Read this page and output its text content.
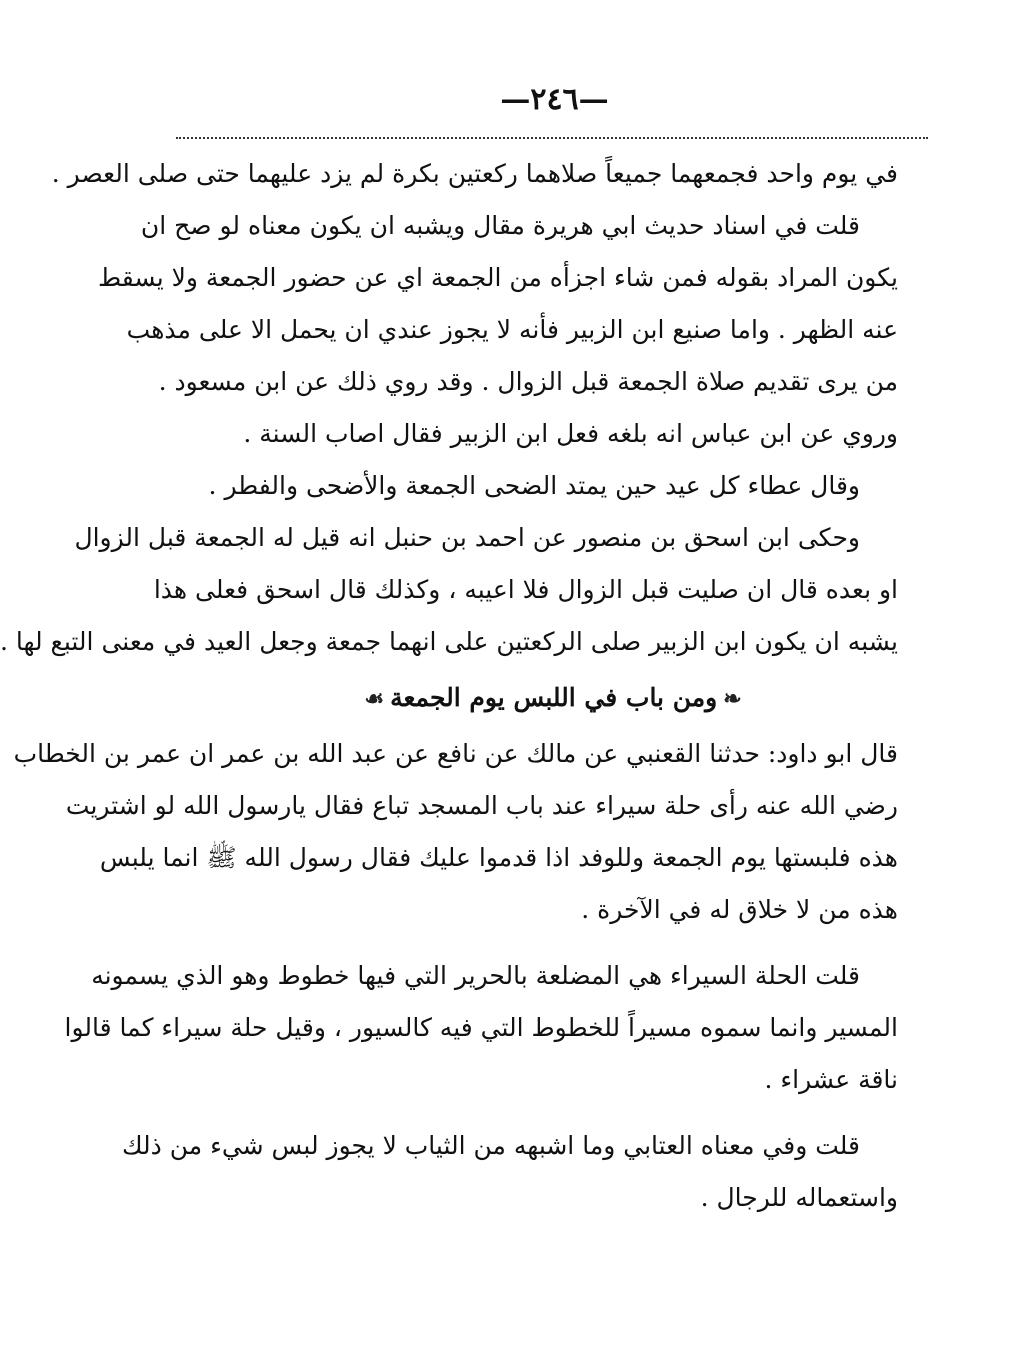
—٢٤٦—
في يوم واحد فجمعهما جميعاً صلاهما ركعتين بكرة لم يزد عليهما حتى صلى العصر .
قلت في اسناد حديث ابي هريرة مقال ويشبه ان يكون معناه لو صح ان
يكون المراد بقوله فمن شاء اجزأه من الجمعة اي عن حضور الجمعة ولا يسقط
عنه الظهر . واما صنيع ابن الزبير فأنه لا يجوز عندي ان يحمل الا على مذهب
من يرى تقديم صلاة الجمعة قبل الزوال . وقد روي ذلك عن ابن مسعود .
وروي عن ابن عباس انه بلغه فعل ابن الزبير فقال اصاب السنة .
وقال عطاء كل عيد حين يمتد الضحى الجمعة والأضحى والفطر .
وحكى ابن اسحق بن منصور عن احمد بن حنبل انه قيل له الجمعة قبل الزوال
او بعده قال ان صليت قبل الزوال فلا اعيبه ، وكذلك قال اسحق فعلى هذا
يشبه ان يكون ابن الزبير صلى الركعتين على انهما جمعة وجعل العيد في معنى التبع لها .
❧ومن باب في اللبس يوم الجمعة☙
قال ابو داود: حدثنا القعنبي عن مالك عن نافع عن عبد الله بن عمر ان عمر بن الخطاب
رضي الله عنه رأى حلة سيراء عند باب المسجد تباع فقال يارسول الله لو اشتريت
هذه فلبستها يوم الجمعة وللوفد اذا قدموا عليك فقال رسول الله ﷺ انما يلبس
هذه من لا خلاق له في الآخرة .
قلت الحلة السيراء هي المضلعة بالحرير التي فيها خطوط وهو الذي يسمونه
المسير وانما سموه مسيراً للخطوط التي فيه كالسيور ، وقيل حلة سيراء كما قالوا
ناقة عشراء .
قلت وفي معناه العتابي وما اشبهه من الثياب لا يجوز لبس شيء من ذلك
واستعماله للرجال .
